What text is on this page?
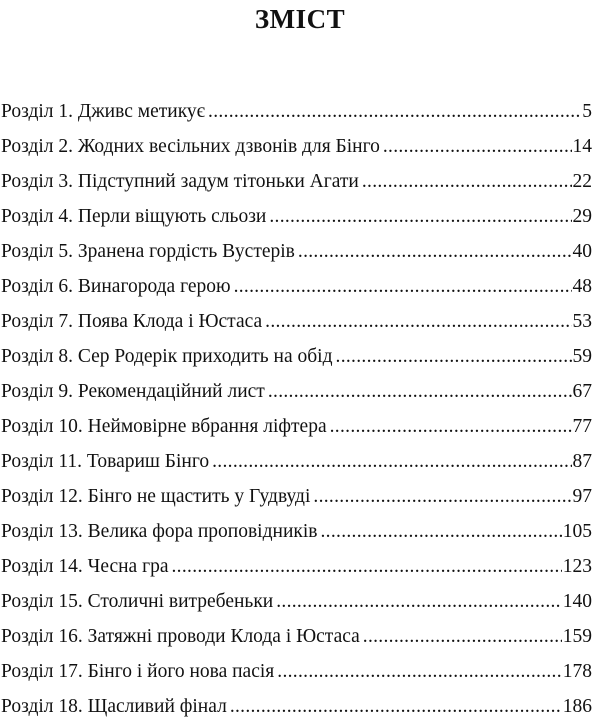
ЗМІСТ
Розділ 1. Дживс метикує .....	5
Розділ 2. Жодних весільних дзвонів для Бінго .....	14
Розділ 3. Підступний задум тітоньки Агати .....	22
Розділ 4. Перли віщують сльози .....	29
Розділ 5. Зранена гордість Вустерів .....	40
Розділ 6. Винагорода герою .....	48
Розділ 7. Поява Клода і Юстаса .....	53
Розділ 8. Сер Родерік приходить на обід .....	59
Розділ 9. Рекомендаційний лист .....	67
Розділ 10. Неймовірне вбрання ліфтера .....	77
Розділ 11. Товариш Бінго .....	87
Розділ 12. Бінго не щастить у Гудвуді .....	97
Розділ 13. Велика фора проповідників .....	105
Розділ 14. Чесна гра .....	123
Розділ 15. Столичні витребеньки .....	140
Розділ 16. Затяжні проводи Клода і Юстаса .....	159
Розділ 17. Бінго і його нова пасія .....	178
Розділ 18. Щасливий фінал .....	186
